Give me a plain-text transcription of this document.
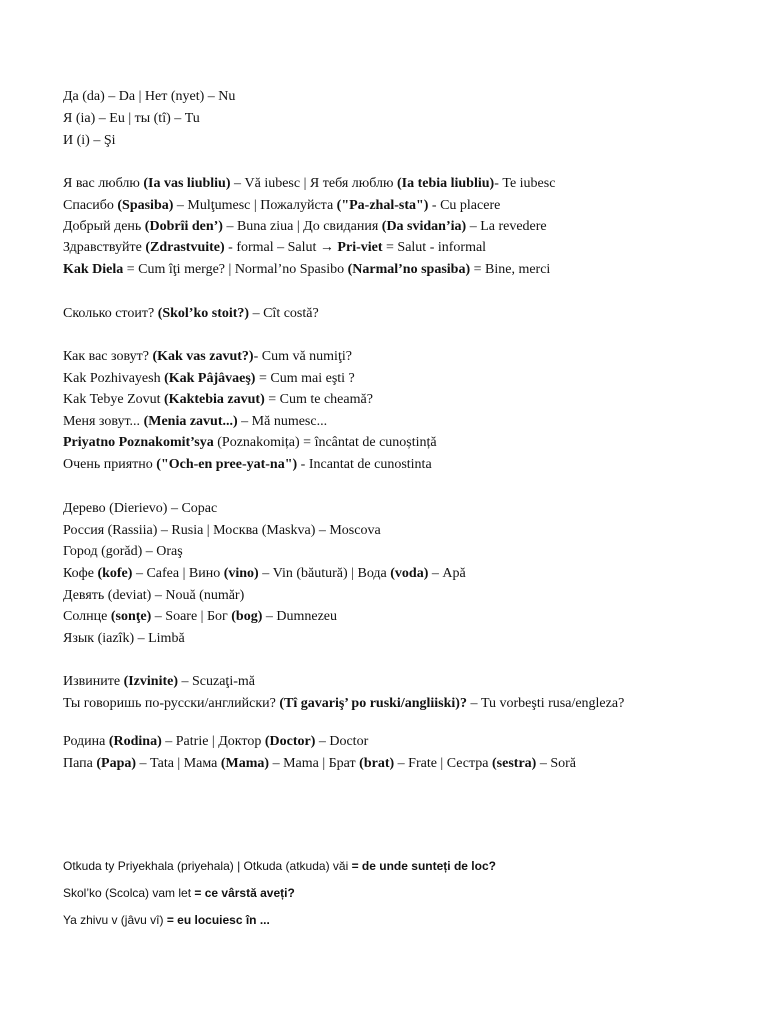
Да (da) – Da | Нет (nyet) – Nu
Я (ia) – Eu | ты (tî) – Tu
И (i) – Şi
Я вас люблю (Ia vas liubliu) – Vă iubesc | Я тебя люблю (Ia tebia liubliu)- Te iubesc
Спасибо (Spasiba) – Mulţumesc | Пожалуйста ("Pa-zhal-sta") - Cu placere
Добрый день (Dobrîi den’) – Buna ziua | До свидания (Da svidan’ia) – La revedere
Здравствуйте (Zdrastvuite) - formal – Salut → Pri-viet = Salut - informal
Kak Diela = Cum îţi merge? | Normal’no Spasibo (Narmal’no spasiba) = Bine, merci
Сколько стоит? (Skol’ko stoit?) – Cît costă?
Как вас зовут? (Kak vas zavut?)- Cum vă numiţi?
Kak Pozhivayesh (Kak Pâjâvaeş) = Cum mai eşti ?
Kak Tebye Zovut (Kaktebia zavut) = Cum te cheamă?
Меня зовут... (Menia zavut...) – Mă numesc...
Priyatno Poznakomit’sya (Poznakomița) = încântat de cunoștință
Очень приятно ("Och-en pree-yat-na") - Incantat de cunostinta
Дерево (Dierievo) – Copac
Россия (Rassiia) – Rusia | Москва (Maskva) – Moscova
Город (gorăd) – Oraş
Кофе (kofe) – Cafea | Вино (vino) – Vin (băutură) | Вода (voda) – Apă
Девять (deviat) – Nouă (număr)
Солнце (sonţe) – Soare | Бог (bog) – Dumnezeu
Язык (iazîk) – Limbă
Извините (Izvinite) – Scuzaţi-mă
Ты говоришь по-русски/английски? (Tî gavariş’ po ruski/angliiski)? – Tu vorbeşti rusa/engleza?
Родина (Rodina) – Patrie | Доктор (Doctor) – Doctor
Папа (Papa) – Tata | Мама (Mama) – Mama | Брат (brat) – Frate | Сестра (sestra) – Soră
Otkuda ty Priyekhala (priyehala) | Otkuda (atkuda) văi = de unde sunteți de loc?
Skol’ko (Scolca) vam let = ce vârstă aveți?
Ya zhivu v (jâvu vî) = eu locuiesc în ...
